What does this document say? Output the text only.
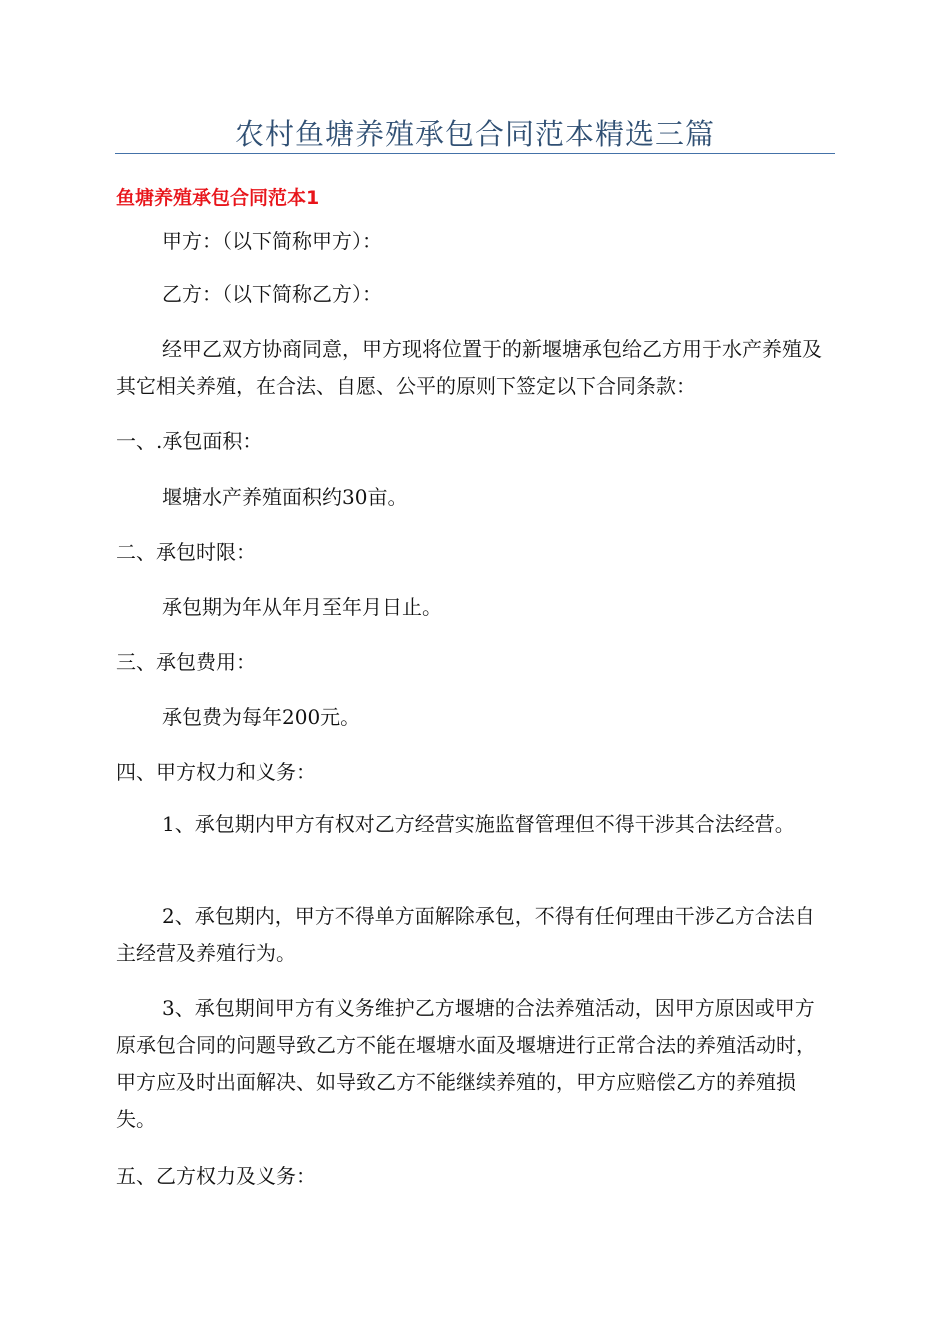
农村鱼塘养殖承包合同范本精选三篇
鱼塘养殖承包合同范本1

甲方：（以下简称甲方）：

乙方：（以下简称乙方）：

经甲乙双方协商同意，甲方现将位置于的新堰塘承包给乙方用于水产养殖及其它相关养殖，在合法、自愿、公平的原则下签定以下合同条款：

一、.承包面积：

堰塘水产养殖面积约30亩。

二、承包时限：

承包期为年从年月至年月日止。

三、承包费用：

承包费为每年200元。

四、甲方权力和义务：

1、承包期内甲方有权对乙方经营实施监督管理但不得干涉其合法经营。

2、承包期内，甲方不得单方面解除承包，不得有任何理由干涉乙方合法自主经营及养殖行为。

3、承包期间甲方有义务维护乙方堰塘的合法养殖活动，因甲方原因或甲方原承包合同的问题导致乙方不能在堰塘水面及堰塘进行正常合法的养殖活动时，甲方应及时出面解决、如导致乙方不能继续养殖的，甲方应赔偿乙方的养殖损失。

五、乙方权力及义务：
